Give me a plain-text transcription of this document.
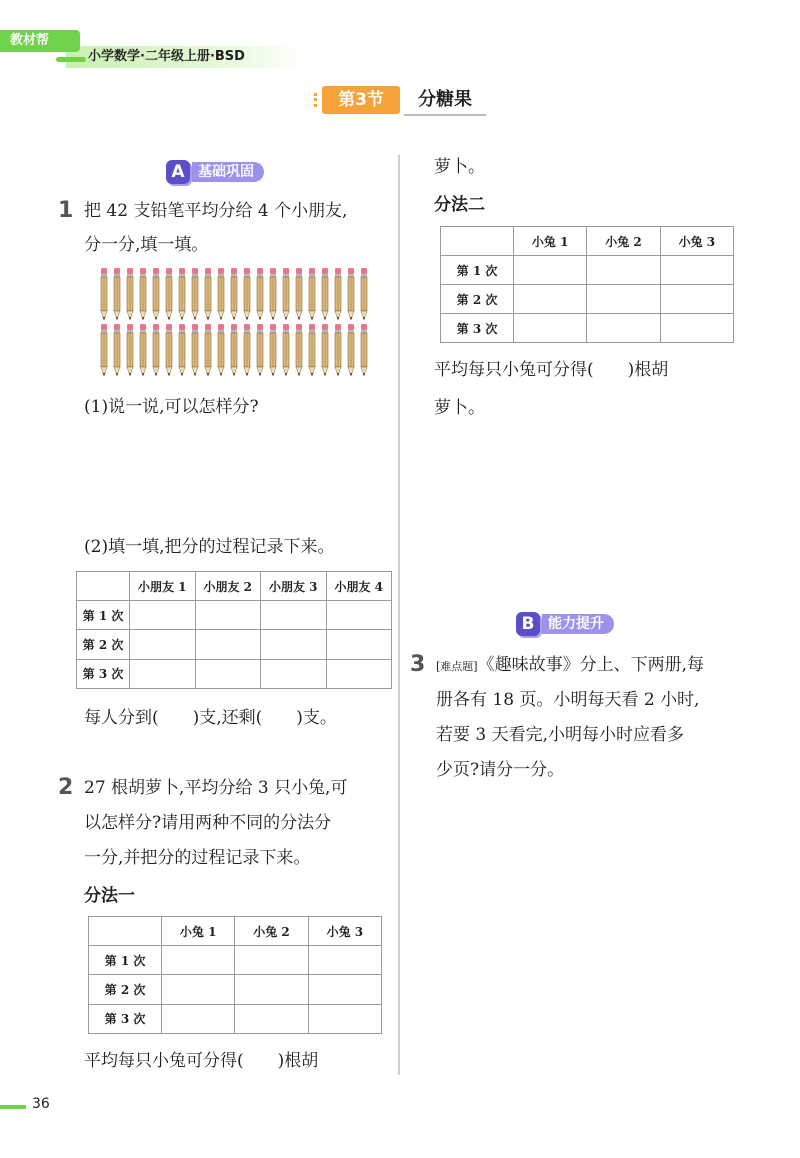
小学数学·二年级上册·BSD
教材帮
第3节	分糖果
A 基础巩固
1 把 42 支铅笔平均分给 4 个小朋友,
分一分,填一填。
(1)说一说,可以怎样分?
(2)填一填,把分的过程记录下来。
	小朋友 1	小朋友 2	小朋友 3	小朋友 4
第 1 次				
第 2 次				
第 3 次				
每人分到(　　)支,还剩(　　)支。
2 27 根胡萝卜,平均分给 3 只小兔,可
以怎样分?请用两种不同的分法分
一分,并把分的过程记录下来。
分法一
	小兔 1	小兔 2	小兔 3
第 1 次			
第 2 次			
第 3 次			
平均每只小兔可分得(　　)根胡
萝卜。
分法二
	小兔 1	小兔 2	小兔 3
第 1 次			
第 2 次			
第 3 次			
平均每只小兔可分得(　　)根胡
萝卜。
B 能力提升
3 [难点题]《趣味故事》分上、下两册,每
册各有 18 页。小明每天看 2 小时,
若要 3 天看完,小明每小时应看多
少页?请分一分。
36
